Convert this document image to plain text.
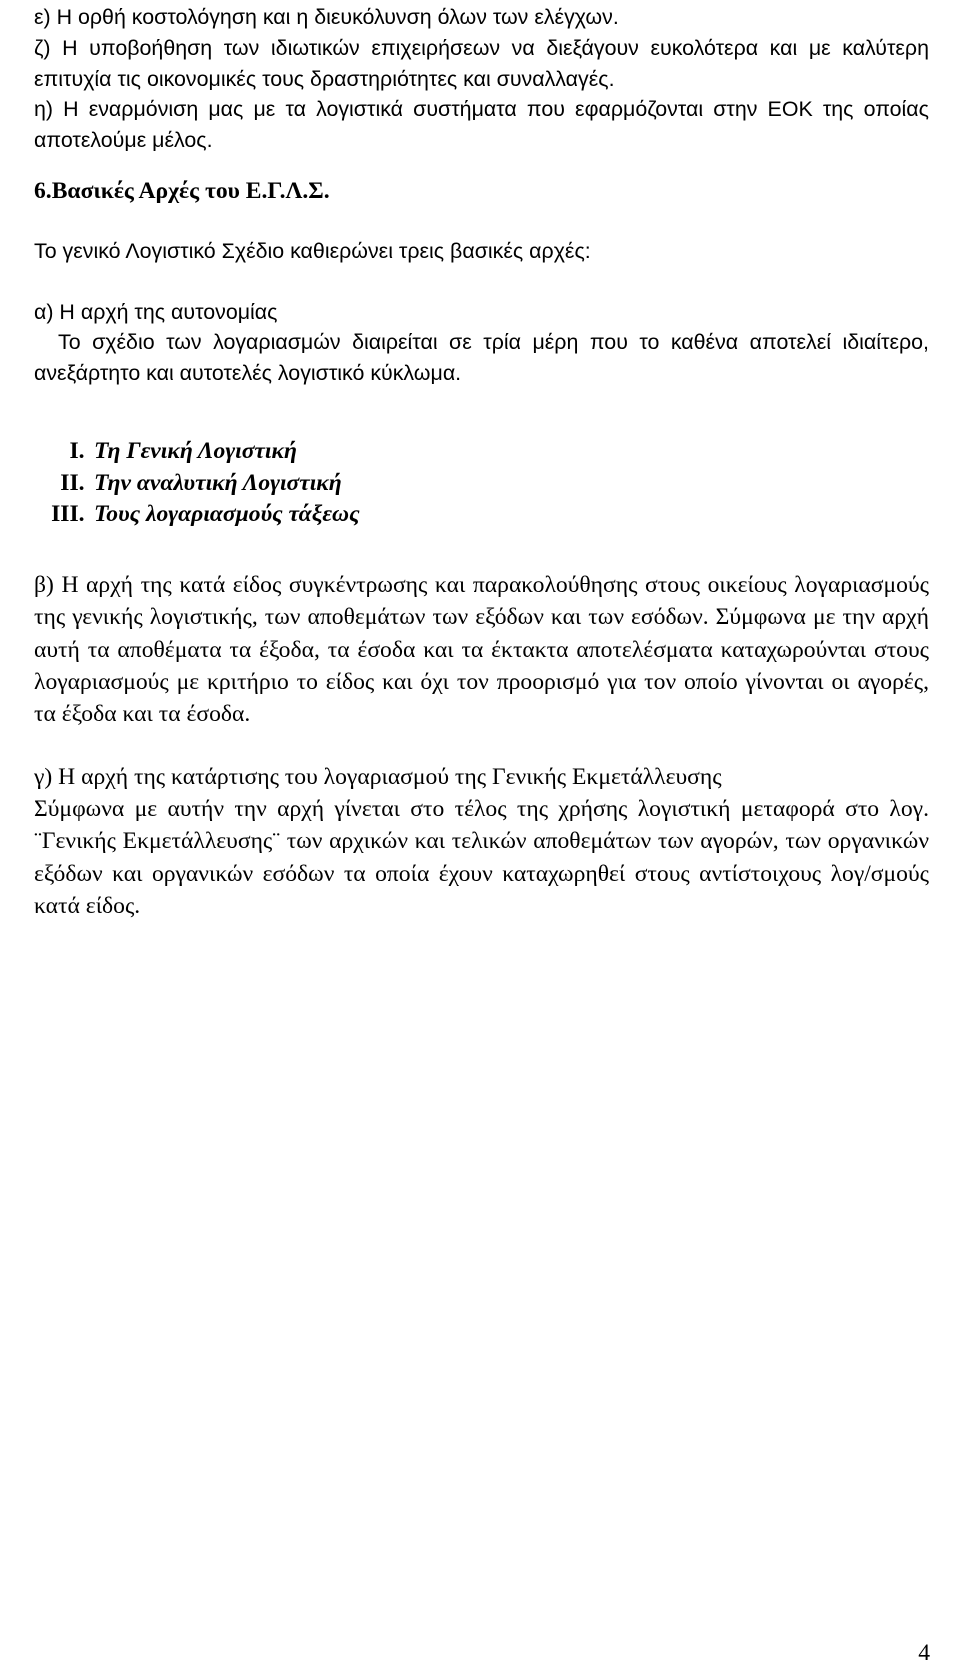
ε) Η ορθή κοστολόγηση και η διευκόλυνση όλων των ελέγχων.
ζ) Η υποβοήθηση των ιδιωτικών επιχειρήσεων να διεξάγουν ευκολότερα και με καλύτερη επιτυχία τις οικονομικές τους δραστηριότητες και συναλλαγές.
η) Η εναρμόνιση μας με τα λογιστικά συστήματα που εφαρμόζονται στην ΕΟΚ της οποίας αποτελούμε μέλος.
6.Βασικές Αρχές του Ε.Γ.Λ.Σ.
Το γενικό Λογιστικό Σχέδιο καθιερώνει τρεις βασικές αρχές:
α) Η αρχή της αυτονομίας
Το σχέδιο των λογαριασμών διαιρείται σε τρία μέρη που το καθένα αποτελεί ιδιαίτερο, ανεξάρτητο και αυτοτελές λογιστικό κύκλωμα.
I. Τη Γενική Λογιστική
II. Την αναλυτική Λογιστική
III. Τους λογαριασμούς τάξεως
β) Η αρχή της κατά είδος συγκέντρωσης και παρακολούθησης στους οικείους λογαριασμούς της γενικής λογιστικής, των αποθεμάτων των εξόδων και των εσόδων. Σύμφωνα με την αρχή αυτή τα αποθέματα τα έξοδα, τα έσοδα και τα έκτακτα αποτελέσματα καταχωρούνται στους λογαριασμούς με κριτήριο το είδος και όχι τον προορισμό για τον οποίο γίνονται οι αγορές, τα έξοδα και τα έσοδα.
γ) Η αρχή της κατάρτισης του λογαριασμού της Γενικής Εκμετάλλευσης
Σύμφωνα με αυτήν την αρχή γίνεται στο τέλος της χρήσης λογιστική μεταφορά στο λογ. ¨Γενικής Εκμετάλλευσης¨ των αρχικών και τελικών αποθεμάτων των αγορών, των οργανικών εξόδων και οργανικών εσόδων τα οποία έχουν καταχωρηθεί στους αντίστοιχους λογ/σμούς κατά είδος.
4
